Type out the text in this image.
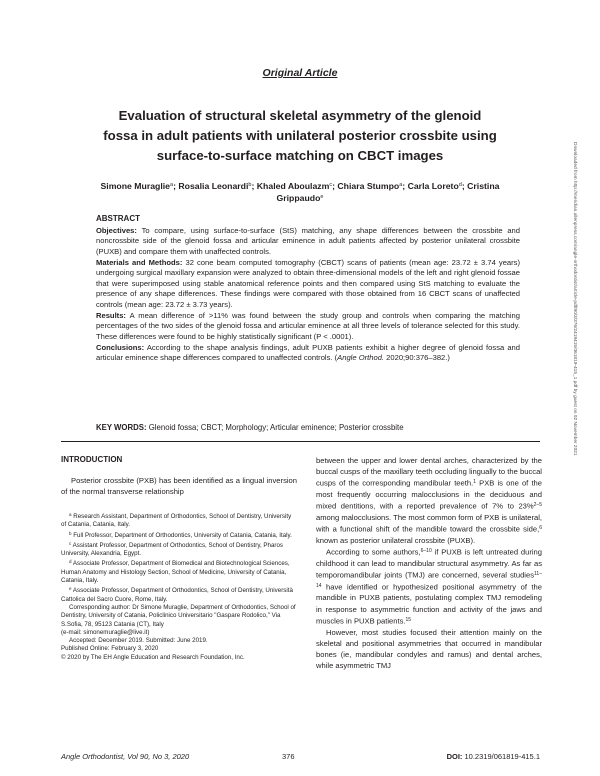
Original Article
Evaluation of structural skeletal asymmetry of the glenoid fossa in adult patients with unilateral posterior crossbite using surface-to-surface matching on CBCT images
Simone Muraglie$^a$; Rosalia Leonardi$^b$; Khaled Aboulazm$^c$; Chiara Stumpo$^a$; Carla Loreto$^d$; Cristina Grippaudo$^e$
ABSTRACT

Objectives: To compare, using surface-to-surface (StS) matching, any shape differences between the crossbite and noncrossbite side of the glenoid fossa and articular eminence in adult patients affected by posterior unilateral crossbite (PUXB) and compare them with unaffected controls.

Materials and Methods: 32 cone beam computed tomography (CBCT) scans of patients (mean age: 23.72 ± 3.74 years) undergoing surgical maxillary expansion were analyzed to obtain three-dimensional models of the left and right glenoid fossae that were superimposed using stable anatomical reference points and then compared using StS matching to evaluate the presence of any shape differences. These findings were compared with those obtained from 16 CBCT scans of unaffected controls (mean age: 23.72 ± 3.73 years).

Results: A mean difference of >11% was found between the study group and controls when comparing the matching percentages of the two sides of the glenoid fossa and articular eminence at all three levels of tolerance selected for this study. These differences were found to be highly statistically significant (P < .0001).

Conclusions: According to the shape analysis findings, adult PUXB patients exhibit a higher degree of glenoid fossa and articular eminence shape differences compared to unaffected controls. (Angle Orthod. 2020;90:376–382.)

KEY WORDS: Glenoid fossa; CBCT; Morphology; Articular eminence; Posterior crossbite
INTRODUCTION
Posterior crossbite (PXB) has been identified as a lingual inversion of the normal transverse relationship

$^a$ Research Assistant, Department of Orthodontics, School of Dentistry, University of Catania, Catania, Italy.

$^b$ Full Professor, Department of Orthodontics, University of Catania, Catania, Italy.

$^c$ Assistant Professor, Department of Orthodontics, School of Dentistry, Pharos University, Alexandria, Egypt.

$^d$ Associate Professor, Department of Biomedical and Biotechnological Sciences, Human Anatomy and Histology Section, School of Medicine, University of Catania, Catania, Italy.

$^e$ Associate Professor, Department of Orthodontics, School of Dentistry, Università Cattolica del Sacro Cuore, Rome, Italy.

Corresponding author: Dr Simone Muraglie, Department of Orthodontics, School of Dentistry, University of Catania, Policlinico Universitario "Gaspare Rodolico," Via S.Sofia, 78, 95123 Catania (CT), Italy
(e-mail: simonemuraglie@live.it)

Accepted: December 2019. Submitted: June 2019.

Published Online: February 3, 2020

© 2020 by The EH Angle Education and Research Foundation, Inc.

between the upper and lower dental arches, characterized by the buccal cusps of the maxillary teeth occluding lingually to the buccal cusps of the corresponding mandibular teeth.$^1$ PXB is one of the most frequently occurring malocclusions in the deciduous and mixed dentitions, with a reported prevalence of 7% to 23%$^{2-5}$ among malocclusions. The most common form of PXB is unilateral, with a functional shift of the mandible toward the crossbite side,$^6$ known as posterior unilateral crossbite (PUXB).

According to some authors,$^{6-10}$ if PUXB is left untreated during childhood it can lead to mandibular structural asymmetry. As far as temporomandibular joints (TMJ) are concerned, several studies$^{11-14}$ have identified or hypothesized positional asymmetry of the mandible in PUXB patients, postulating complex TMJ remodeling in response to asymmetric function and activity of the jaws and muscles in PUXB patients.$^{15}$

However, most studies focused their attention mainly on the skeletal and positional asymmetries that occurred in mandibular bones (ie, mandibular condyles and ramus) and dental arches, while asymmetric TMJ

Angle Orthodontist, Vol 90, No 3, 2020	376	DOI: 10.2319/061819-415.1
Downloaded from http://meridian.allenpress.com/angle-orthodontist/article-pdf/90/3/376/2419415/061819-415_1.pdf by guest on 02 November 2021
